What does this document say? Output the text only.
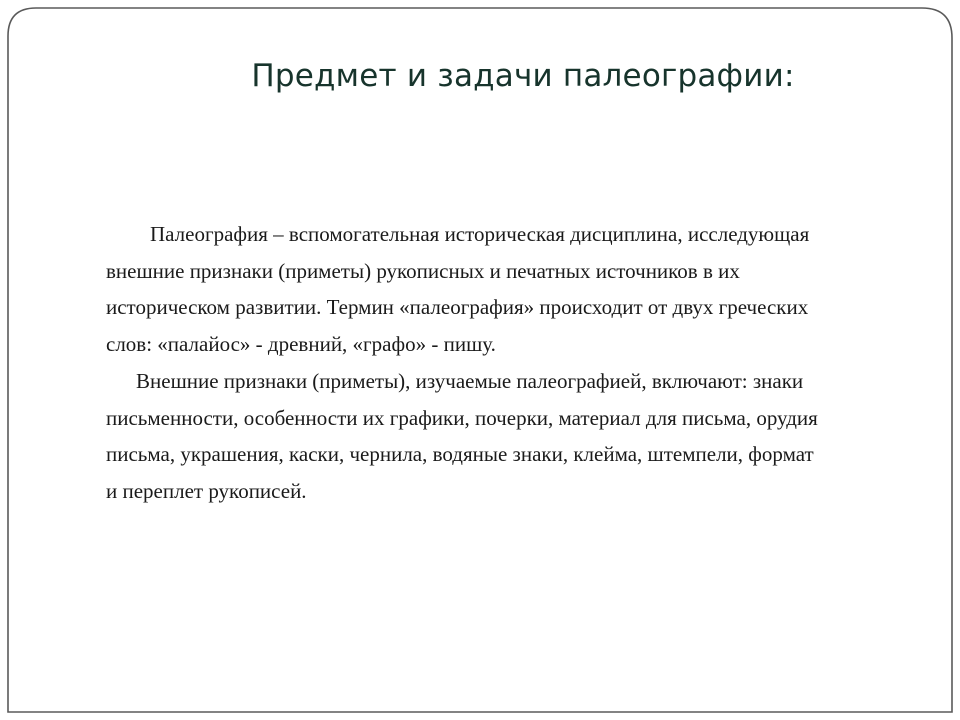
Предмет и задачи палеографии:

Палеография – вспомогательная историческая дисциплина, исследующая внешние признаки (приметы) рукописных и печатных источников в их историческом развитии. Термин «палеография» происходит от двух греческих слов: «палайос» - древний, «графо» - пишу.

Внешние признаки (приметы), изучаемые палеографией, включают: знаки письменности, особенности их графики, почерки, материал для письма, орудия письма, украшения, каски, чернила, водяные знаки, клейма, штемпели, формат и переплет рукописей.
